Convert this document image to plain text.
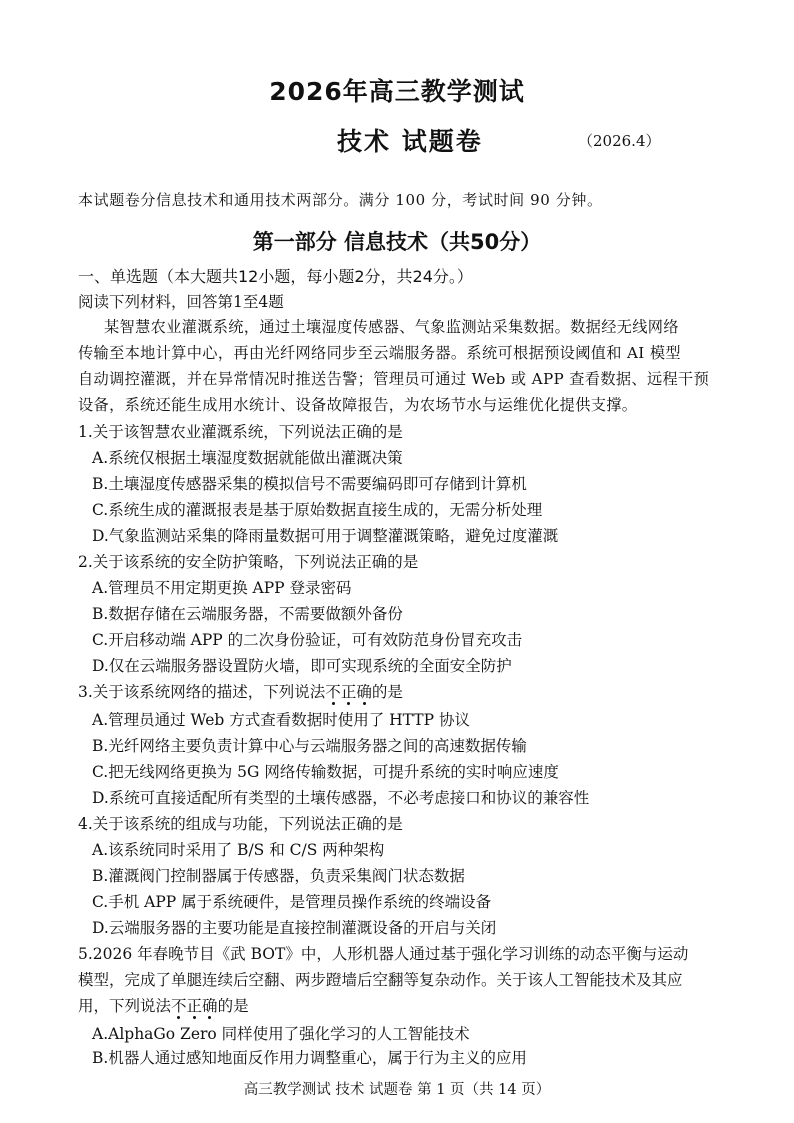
2026年高三教学测试
技术 试题卷	（2026.4）
本试题卷分信息技术和通用技术两部分。满分 100 分，考试时间 90 分钟。
第一部分 信息技术（共50分）
一、单选题（本大题共12小题，每小题2分，共24分。）
阅读下列材料，回答第1至4题
某智慧农业灌溉系统，通过土壤湿度传感器、气象监测站采集数据。数据经无线网络
传输至本地计算中心，再由光纤网络同步至云端服务器。系统可根据预设阈值和 AI 模型
自动调控灌溉，并在异常情况时推送告警；管理员可通过 Web 或 APP 查看数据、远程干预
设备，系统还能生成用水统计、设备故障报告，为农场节水与运维优化提供支撑。
1.关于该智慧农业灌溉系统，下列说法正确的是
A.系统仅根据土壤湿度数据就能做出灌溉决策
B.土壤湿度传感器采集的模拟信号不需要编码即可存储到计算机
C.系统生成的灌溉报表是基于原始数据直接生成的，无需分析处理
D.气象监测站采集的降雨量数据可用于调整灌溉策略，避免过度灌溉
2.关于该系统的安全防护策略，下列说法正确的是
A.管理员不用定期更换 APP 登录密码
B.数据存储在云端服务器，不需要做额外备份
C.开启移动端 APP 的二次身份验证，可有效防范身份冒充攻击
D.仅在云端服务器设置防火墙，即可实现系统的全面安全防护
3.关于该系统网络的描述，下列说法不正确的是
A.管理员通过 Web 方式查看数据时使用了 HTTP 协议
B.光纤网络主要负责计算中心与云端服务器之间的高速数据传输
C.把无线网络更换为 5G 网络传输数据，可提升系统的实时响应速度
D.系统可直接适配所有类型的土壤传感器，不必考虑接口和协议的兼容性
4.关于该系统的组成与功能，下列说法正确的是
A.该系统同时采用了 B/S 和 C/S 两种架构
B.灌溉阀门控制器属于传感器，负责采集阀门状态数据
C.手机 APP 属于系统硬件，是管理员操作系统的终端设备
D.云端服务器的主要功能是直接控制灌溉设备的开启与关闭
5.2026 年春晚节目《武 BOT》中，人形机器人通过基于强化学习训练的动态平衡与运动
模型，完成了单腿连续后空翻、两步蹬墙后空翻等复杂动作。关于该人工智能技术及其应
用，下列说法不正确的是
A.AlphaGo Zero 同样使用了强化学习的人工智能技术
B.机器人通过感知地面反作用力调整重心，属于行为主义的应用
高三教学测试 技术 试题卷 第 1 页（共 14 页）
